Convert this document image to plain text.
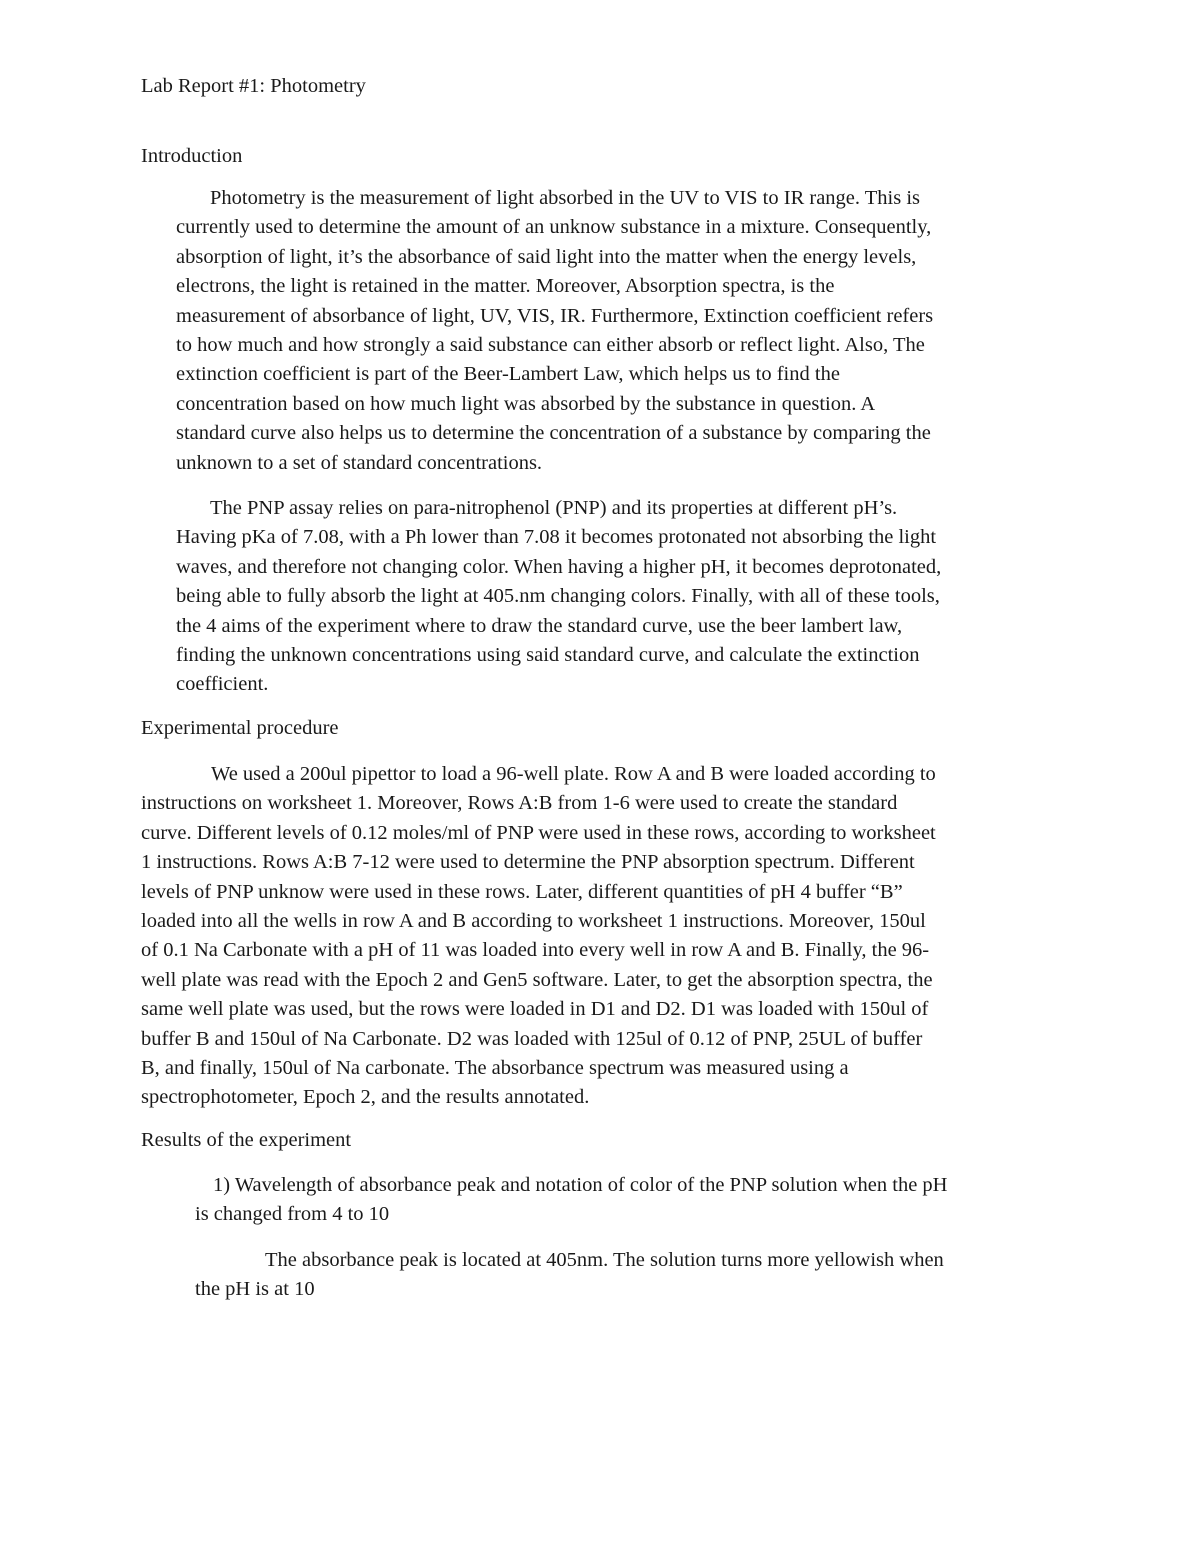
Lab Report #1: Photometry
Introduction

Photometry is the measurement of light absorbed in the UV to VIS to IR range. This is
currently used to determine the amount of an unknow substance in a mixture. Consequently,
absorption of light, it’s the absorbance of said light into the matter when the energy levels,
electrons, the light is retained in the matter. Moreover, Absorption spectra, is the
measurement of absorbance of light, UV, VIS, IR. Furthermore, Extinction coefficient refers
to how much and how strongly a said substance can either absorb or reflect light. Also, The
extinction coefficient is part of the Beer-Lambert Law, which helps us to find the
concentration based on how much light was absorbed by the substance in question. A
standard curve also helps us to determine the concentration of a substance by comparing the
unknown to a set of standard concentrations.

The PNP assay relies on para-nitrophenol (PNP) and its properties at different pH’s.
Having pKa of 7.08, with a Ph lower than 7.08 it becomes protonated not absorbing the light
waves, and therefore not changing color. When having a higher pH, it becomes deprotonated,
being able to fully absorb the light at 405.nm changing colors. Finally, with all of these tools,
the 4 aims of the experiment where to draw the standard curve, use the beer lambert law,
finding the unknown concentrations using said standard curve, and calculate the extinction
coefficient.

Experimental procedure

We used a 200ul pipettor to load a 96-well plate. Row A and B were loaded according to
instructions on worksheet 1. Moreover, Rows A:B from 1-6 were used to create the standard
curve. Different levels of 0.12 moles/ml of PNP were used in these rows, according to worksheet
1 instructions. Rows A:B 7-12 were used to determine the PNP absorption spectrum. Different
levels of PNP unknow were used in these rows. Later, different quantities of pH 4 buffer “B”
loaded into all the wells in row A and B according to worksheet 1 instructions. Moreover, 150ul
of 0.1 Na Carbonate with a pH of 11 was loaded into every well in row A and B. Finally, the 96-
well plate was read with the Epoch 2 and Gen5 software. Later, to get the absorption spectra, the
same well plate was used, but the rows were loaded in D1 and D2. D1 was loaded with 150ul of
buffer B and 150ul of Na Carbonate. D2 was loaded with 125ul of 0.12 of PNP, 25UL of buffer
B, and finally, 150ul of Na carbonate. The absorbance spectrum was measured using a
spectrophotometer, Epoch 2, and the results annotated.

Results of the experiment

1) Wavelength of absorbance peak and notation of color of the PNP solution when the pH
is changed from 4 to 10

The absorbance peak is located at 405nm. The solution turns more yellowish when
the pH is at 10
